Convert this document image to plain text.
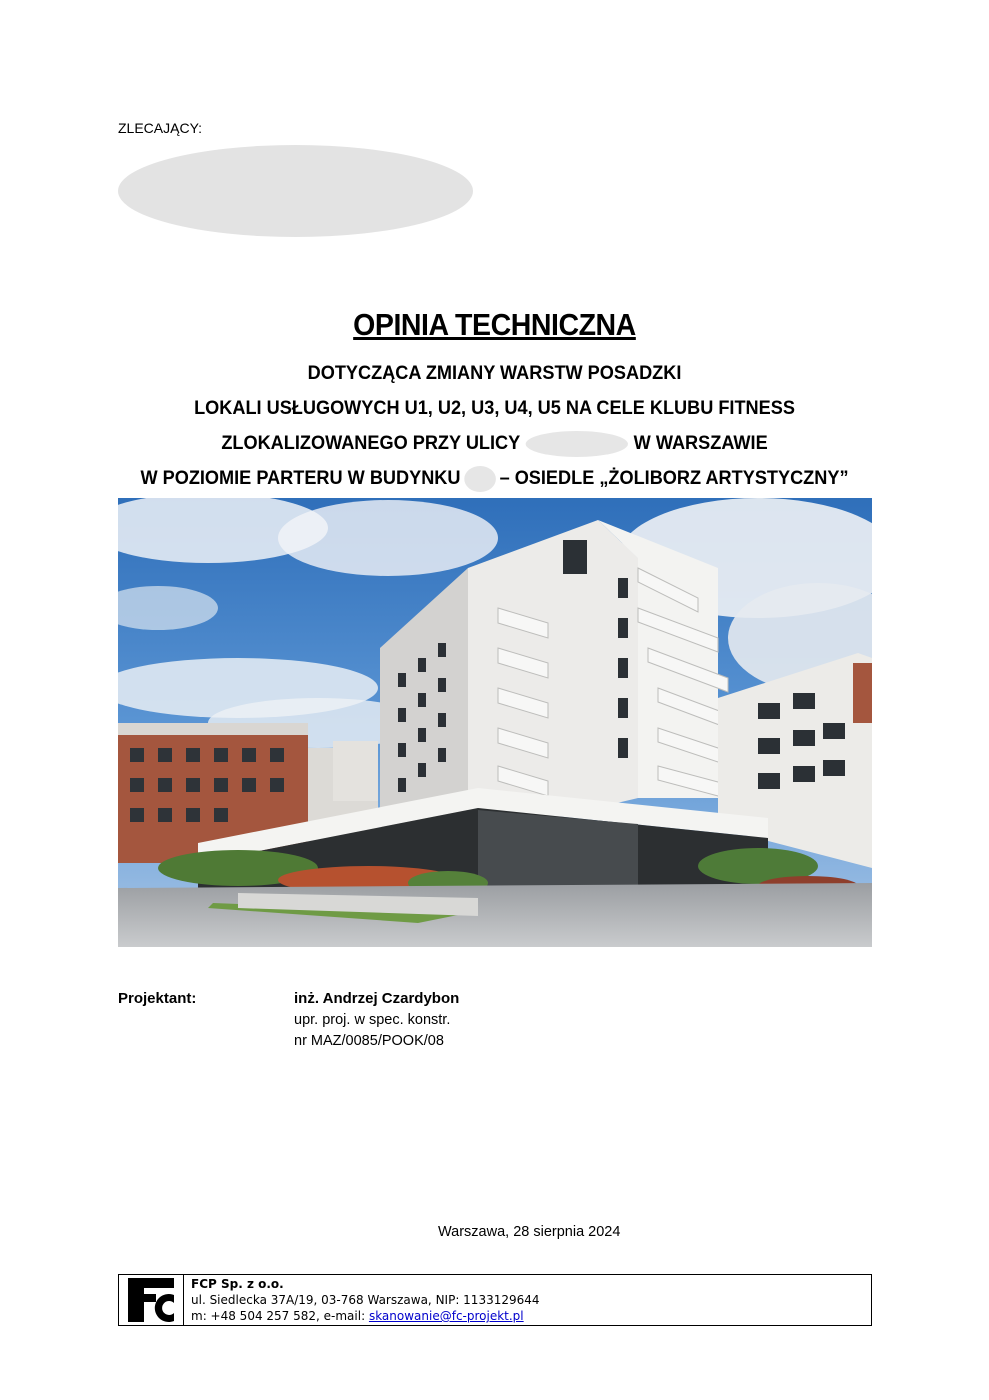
ZLECAJĄCY:
OPINIA TECHNICZNA
DOTYCZĄCA ZMIANY WARSTW POSADZKI
LOKALI USŁUGOWYCH U1, U2, U3, U4, U5 NA CELE KLUBU FITNESS
ZLOKALIZOWANEGO PRZY ULICY	W WARSZAWIE
W POZIOMIE PARTERU W BUDYNKU – OSIEDLE „ŻOLIBORZ ARTYSTYCZNY”
Projektant:	inż. Andrzej Czardybon
upr. proj. w spec. konstr.
nr MAZ/0085/POOK/08
Warszawa, 28 sierpnia 2024
FCP Sp. z o.o.
ul. Siedlecka 37A/19, 03-768 Warszawa, NIP: 1133129644
m: +48 504 257 582, e-mail: skanowanie@fc-projekt.pl
